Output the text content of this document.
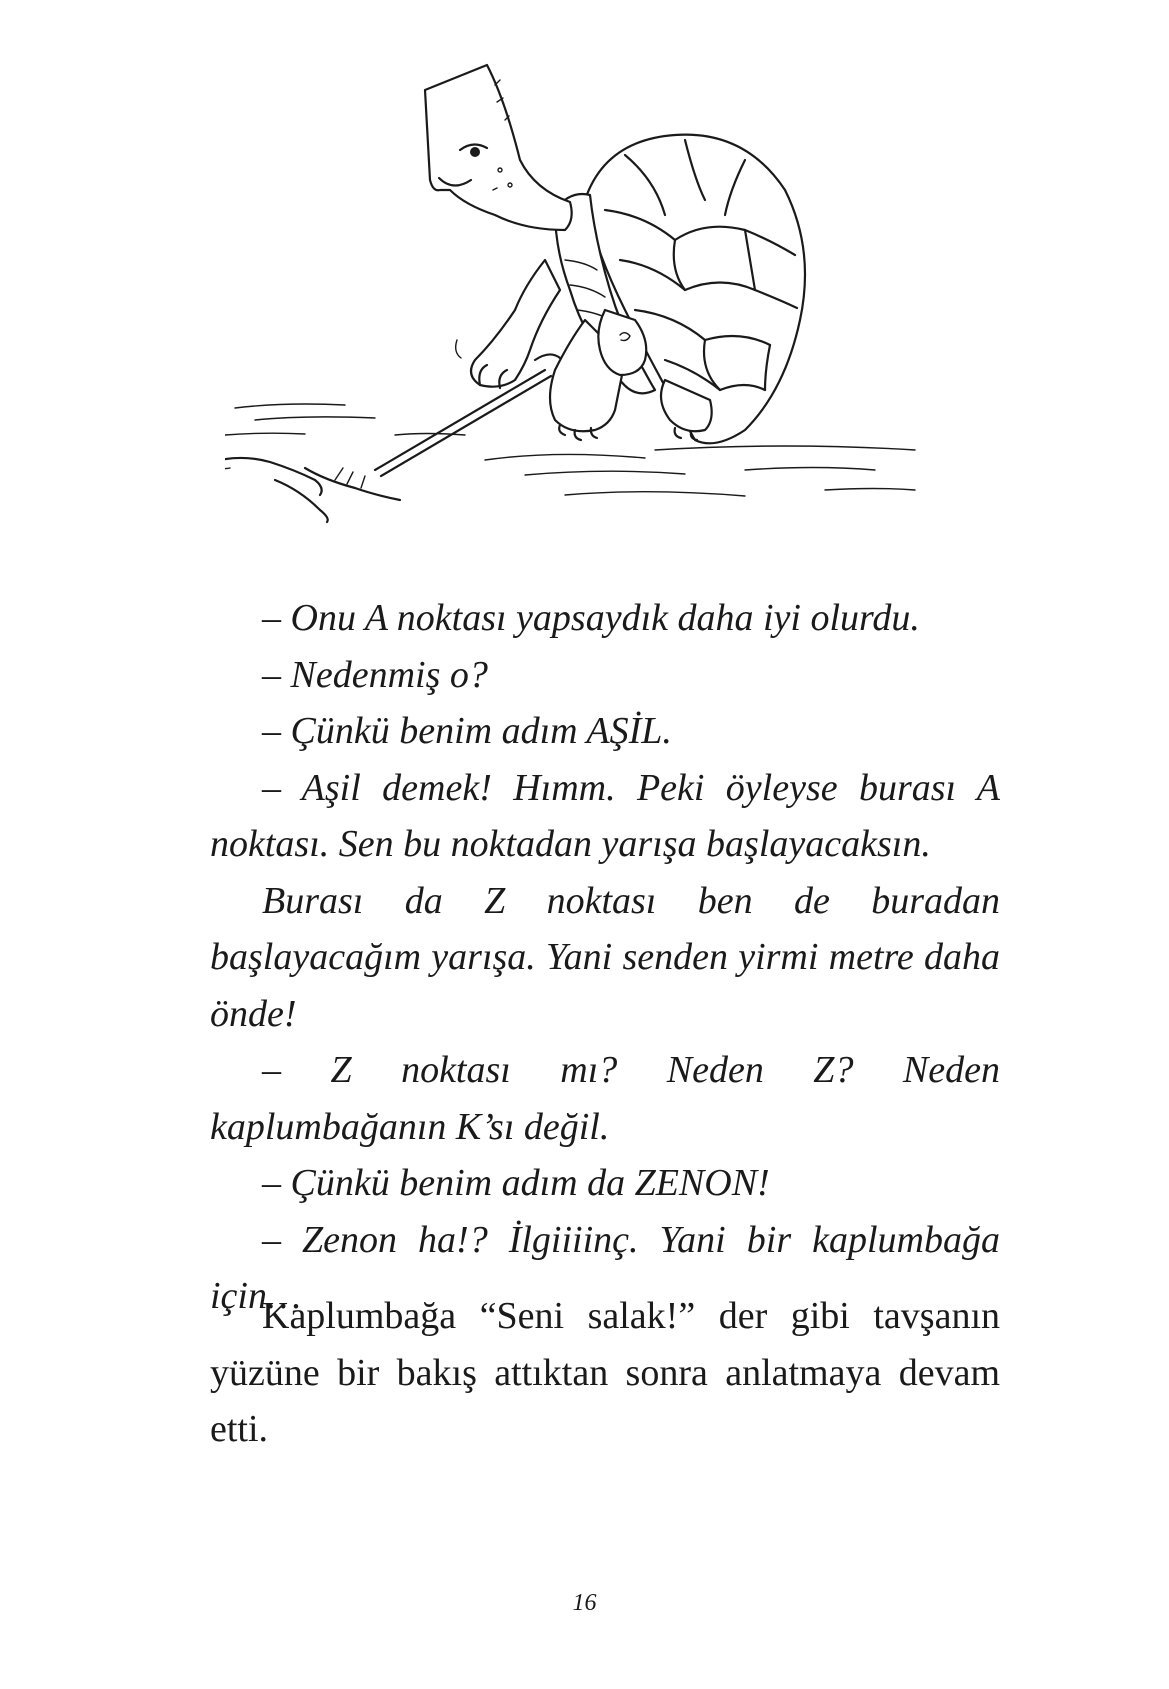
– Onu A noktası yapsaydık daha iyi olurdu.

– Nedenmiş o?

– Çünkü benim adım AŞİL.

– Aşil demek! Hımm. Peki öyleyse burası A noktası. Sen bu noktadan yarışa başlayacaksın.

Burası da Z noktası ben de buradan başlayacağım yarışa. Yani senden yirmi metre daha önde!

– Z noktası mı? Neden Z? Neden kaplumbağanın K’sı değil.

– Çünkü benim adım da ZENON!

– Zenon ha!? İlgiiiinç. Yani bir kaplumbağa için…

Kaplumbağa “Seni salak!” der gibi tavşanın yüzüne bir bakış attıktan sonra anlatmaya devam etti.

16
